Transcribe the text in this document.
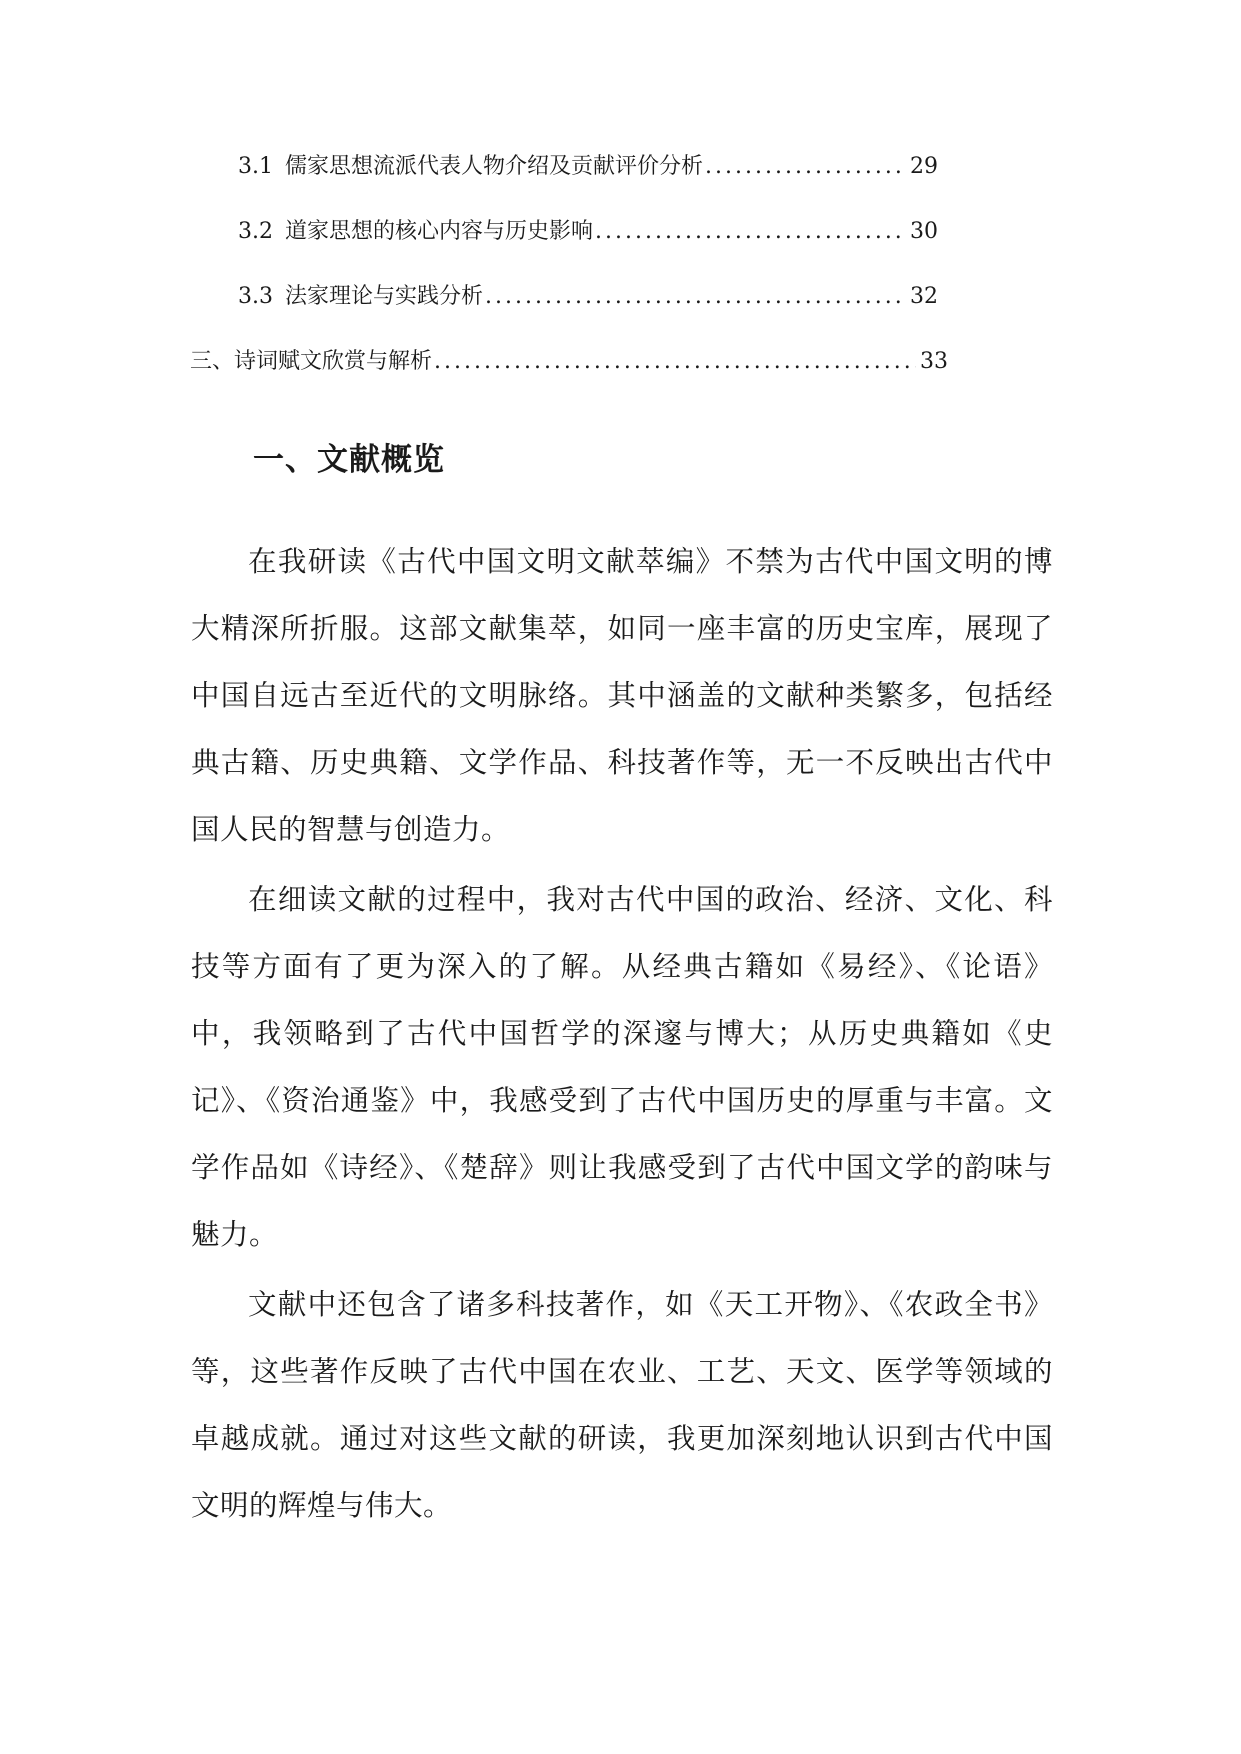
3.1 儒家思想流派代表人物介绍及贡献评价分析 .....	29
3.2 道家思想的核心内容与历史影响 .....	30
3.3 法家理论与实践分析 .....	32
三、诗词赋文欣赏与解析 .....	33
一、文献概览

在我研读《古代中国文明文献萃编》不禁为古代中国文明的博大精深所折服。这部文献集萃，如同一座丰富的历史宝库，展现了中国自远古至近代的文明脉络。其中涵盖的文献种类繁多，包括经典古籍、历史典籍、文学作品、科技著作等，无一不反映出古代中国人民的智慧与创造力。

在细读文献的过程中，我对古代中国的政治、经济、文化、科技等方面有了更为深入的了解。从经典古籍如《易经》、《论语》中，我领略到了古代中国哲学的深邃与博大；从历史典籍如《史记》、《资治通鉴》中，我感受到了古代中国历史的厚重与丰富。文学作品如《诗经》、《楚辞》则让我感受到了古代中国文学的韵味与魅力。

文献中还包含了诸多科技著作，如《天工开物》、《农政全书》等，这些著作反映了古代中国在农业、工艺、天文、医学等领域的卓越成就。通过对这些文献的研读，我更加深刻地认识到古代中国文明的辉煌与伟大。
